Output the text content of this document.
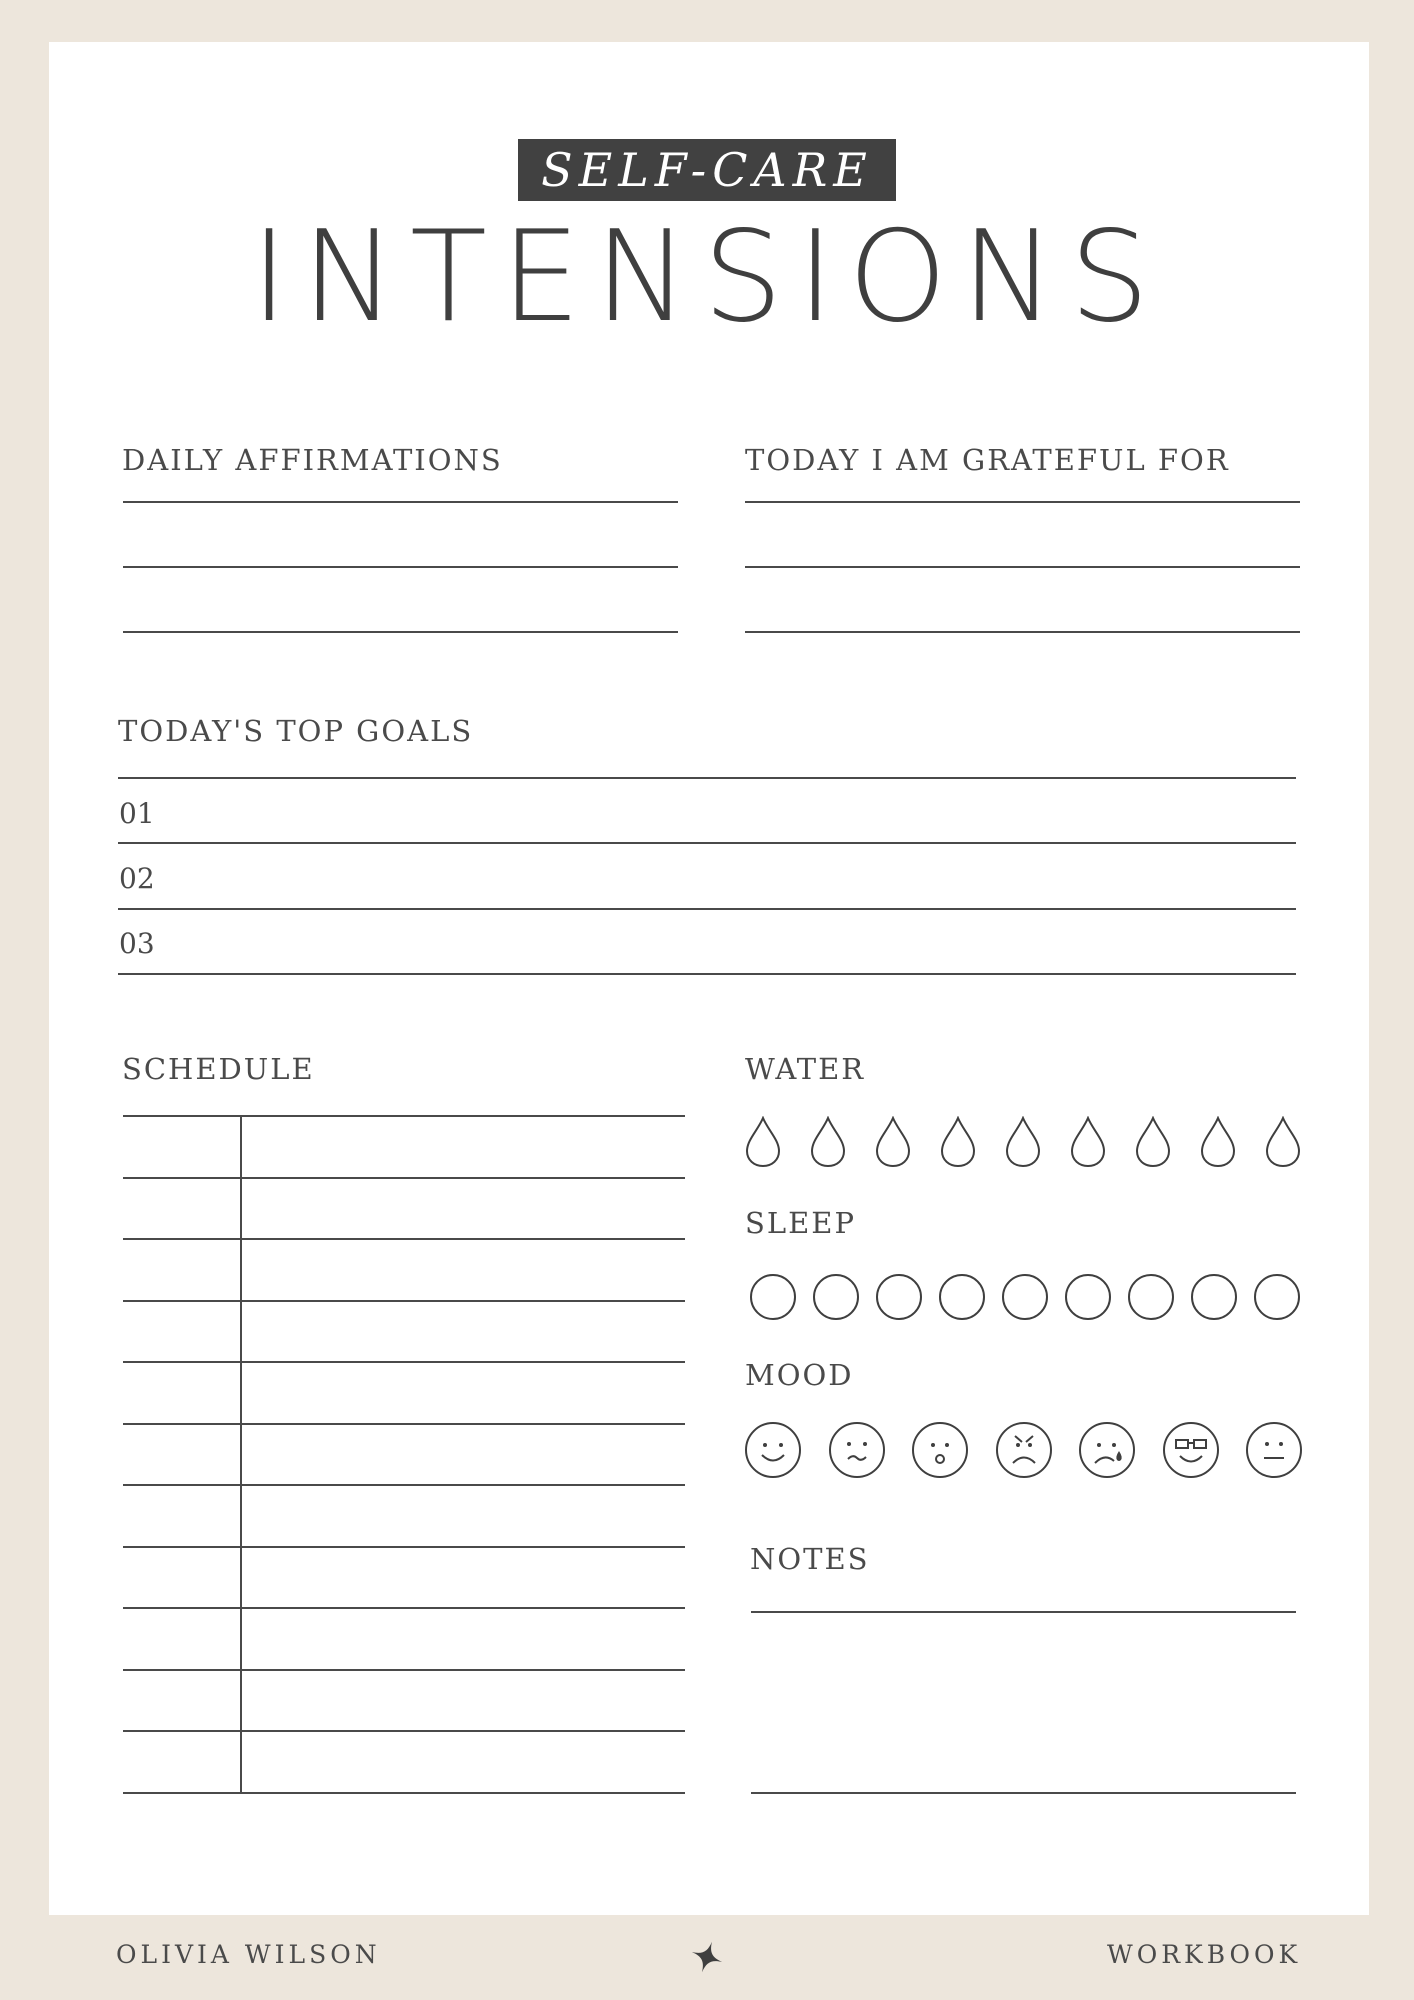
SELF-CARE
INTENSIONS
DAILY AFFIRMATIONS	TODAY I AM GRATEFUL FOR
TODAY'S TOP GOALS
01
02
03
SCHEDULE	WATER
SLEEP
MOOD
NOTES
OLIVIA WILSON	WORKBOOK
